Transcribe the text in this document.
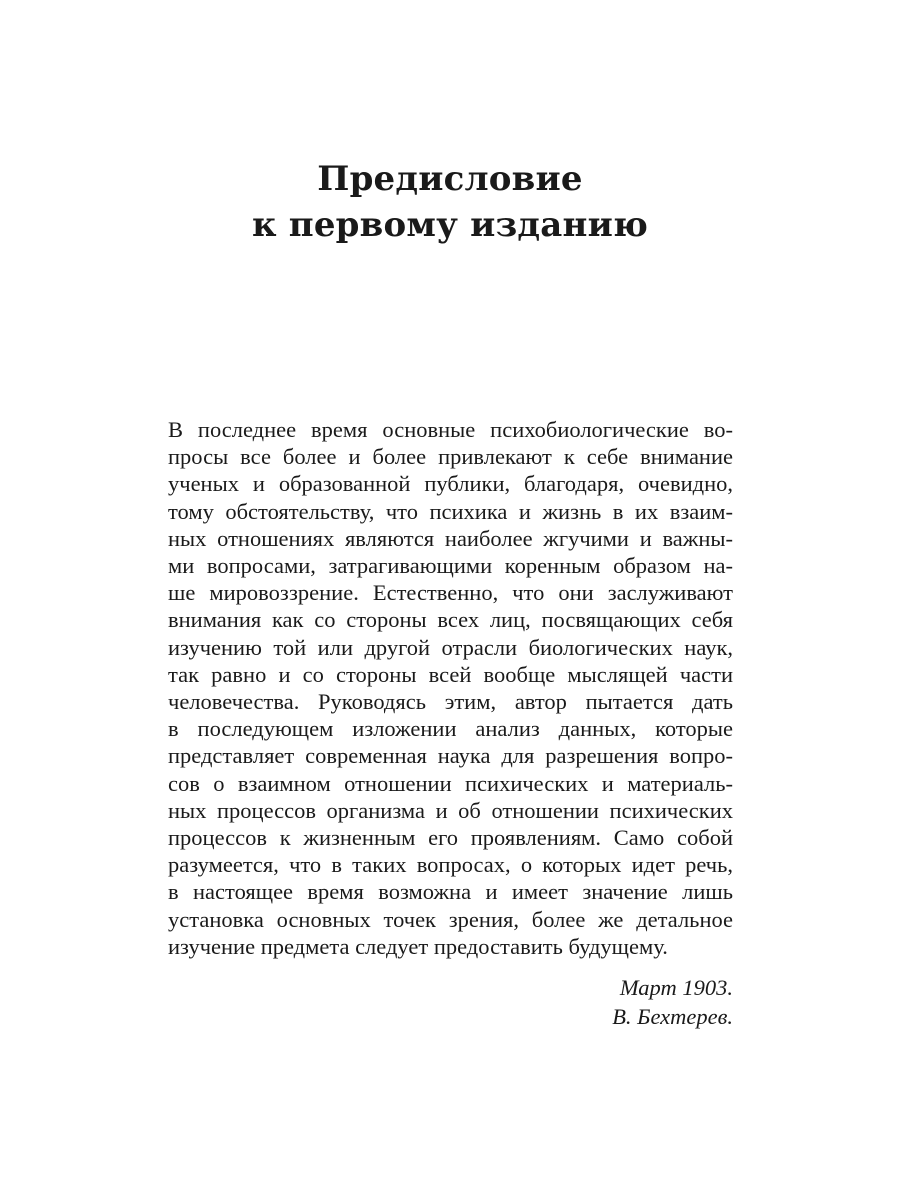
Предисловие
к первому изданию
В последнее время основные психобиологические во-
просы все более и более привлекают к себе внимание
ученых и образованной публики, благодаря, очевидно,
тому обстоятельству, что психика и жизнь в их взаим-
ных отношениях являются наиболее жгучими и важны-
ми вопросами, затрагивающими коренным образом на-
ше мировоззрение. Естественно, что они заслуживают
внимания как со стороны всех лиц, посвящающих себя
изучению той или другой отрасли биологических наук,
так равно и со стороны всей вообще мыслящей части
человечества. Руководясь этим, автор пытается дать
в последующем изложении анализ данных, которые
представляет современная наука для разрешения вопро-
сов о взаимном отношении психических и материаль-
ных процессов организма и об отношении психических
процессов к жизненным его проявлениям. Само собой
разумеется, что в таких вопросах, о которых идет речь,
в настоящее время возможна и имеет значение лишь
установка основных точек зрения, более же детальное
изучение предмета следует предоставить будущему.
Март 1903.
В. Бехтерев.
